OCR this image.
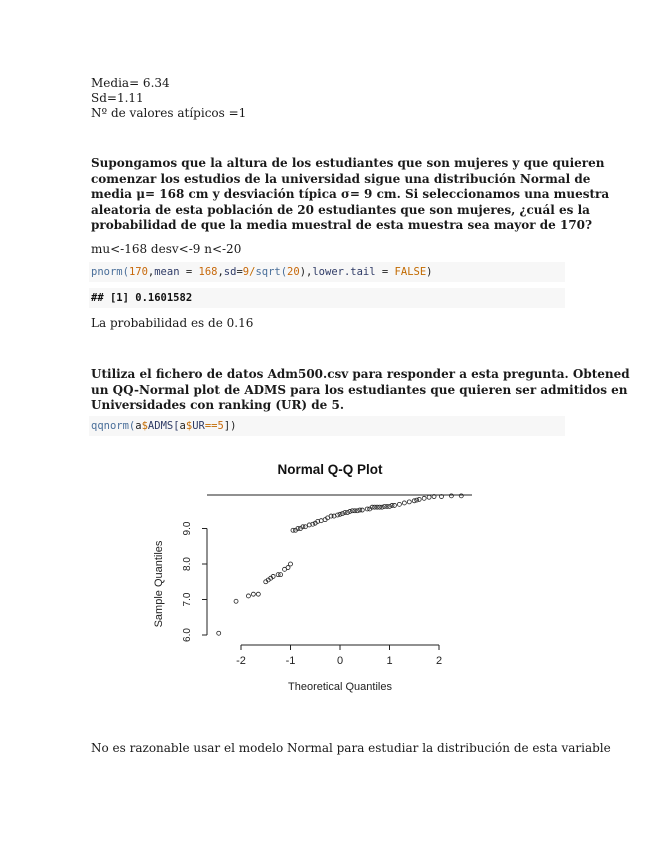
Media= 6.34
Sd=1.11
Nº de valores atípicos =1
Supongamos que la altura de los estudiantes que son mujeres y que quieren
comenzar los estudios de la universidad sigue una distribución Normal de
media μ= 168 cm y desviación típica σ= 9 cm. Si seleccionamos una muestra
aleatoria de esta población de 20 estudiantes que son mujeres, ¿cuál es la
probabilidad de que la media muestral de esta muestra sea mayor de 170?
mu<-168 desv<-9 n<-20
pnorm(170,mean = 168,sd=9/sqrt(20),lower.tail = FALSE)
## [1] 0.1601582
La probabilidad es de 0.16
Utiliza el fichero de datos Adm500.csv para responder a esta pregunta. Obtened
un QQ-Normal plot de ADMS para los estudiantes que quieren ser admitidos en
Universidades con ranking (UR) de 5.
qqnorm(a$ADMS[a$UR==5])
Normal Q-Q Plot
Theoretical Quantiles
Sample Quantiles
-2	-1	0	1	2
6.0
7.0
8.0
9.0
No es razonable usar el modelo Normal para estudiar la distribución de esta variable
